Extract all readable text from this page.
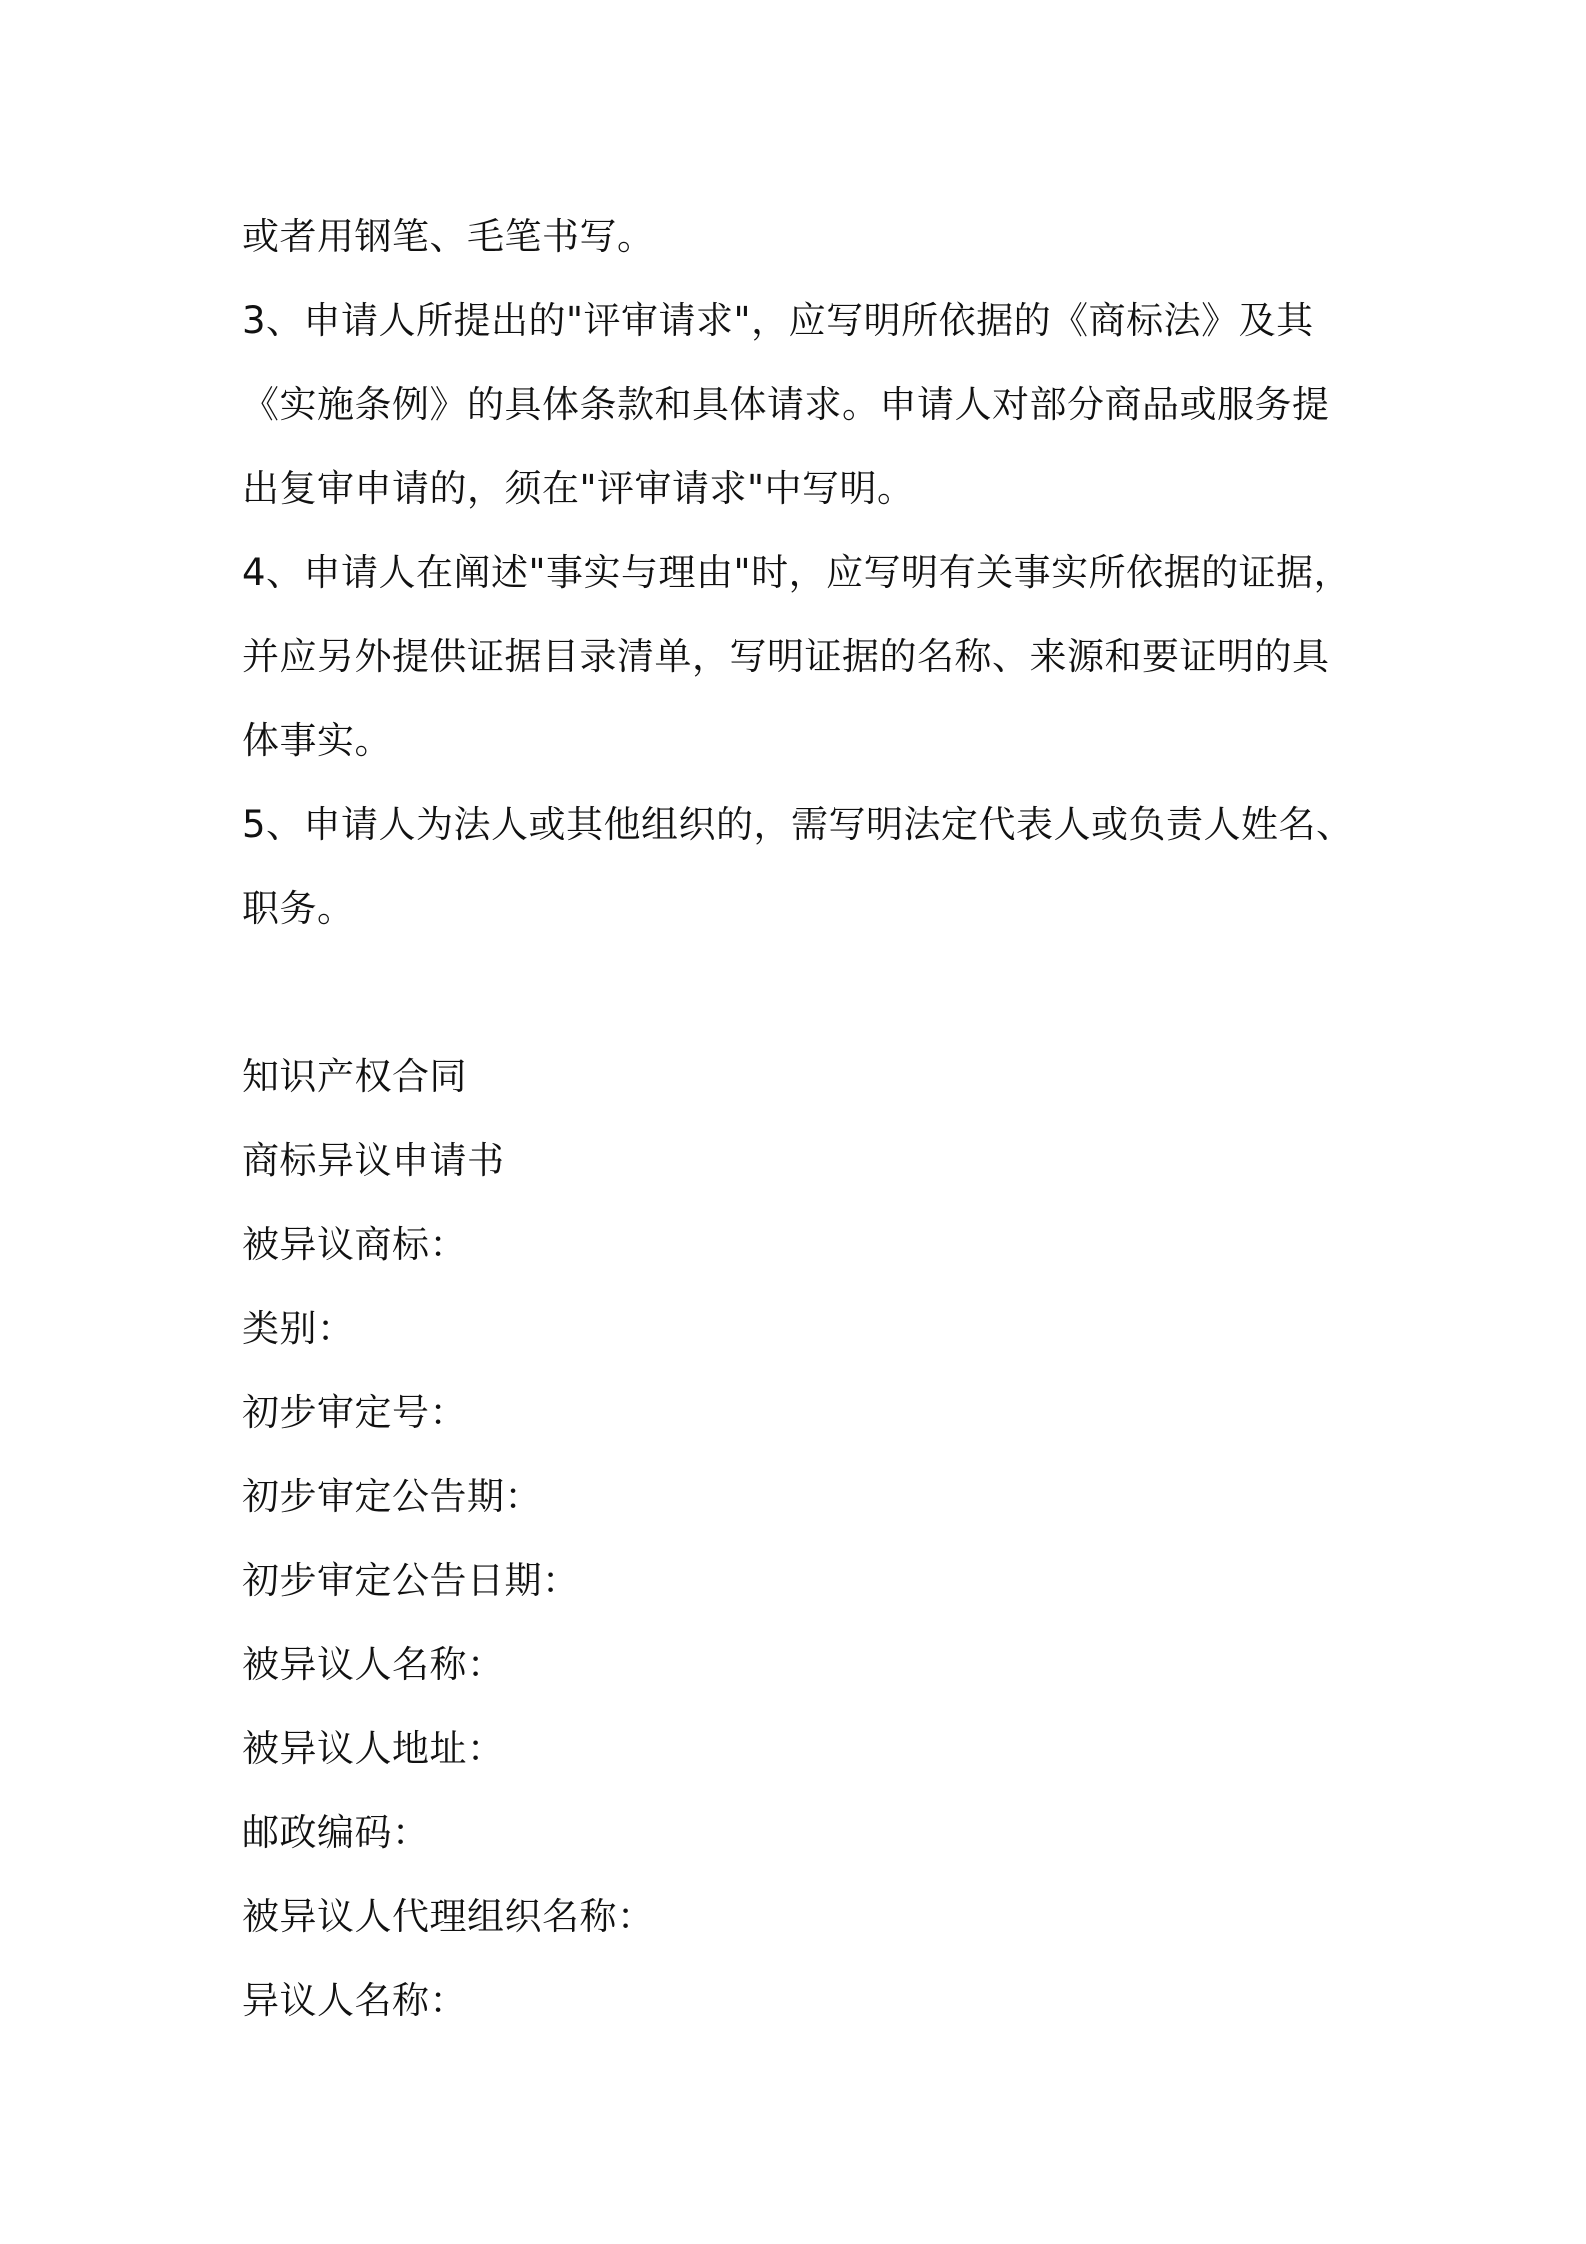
或者用钢笔、毛笔书写。
3、申请人所提出的"评审请求"，应写明所依据的《商标法》及其《实施条例》的具体条款和具体请求。申请人对部分商品或服务提出复审申请的，须在"评审请求"中写明。
4、申请人在阐述"事实与理由"时，应写明有关事实所依据的证据，并应另外提供证据目录清单，写明证据的名称、来源和要证明的具体事实。
5、申请人为法人或其他组织的，需写明法定代表人或负责人姓名、职务。
知识产权合同
商标异议申请书
被异议商标：
类别：
初步审定号：
初步审定公告期：
初步审定公告日期：
被异议人名称：
被异议人地址：
邮政编码：
被异议人代理组织名称：
异议人名称：
